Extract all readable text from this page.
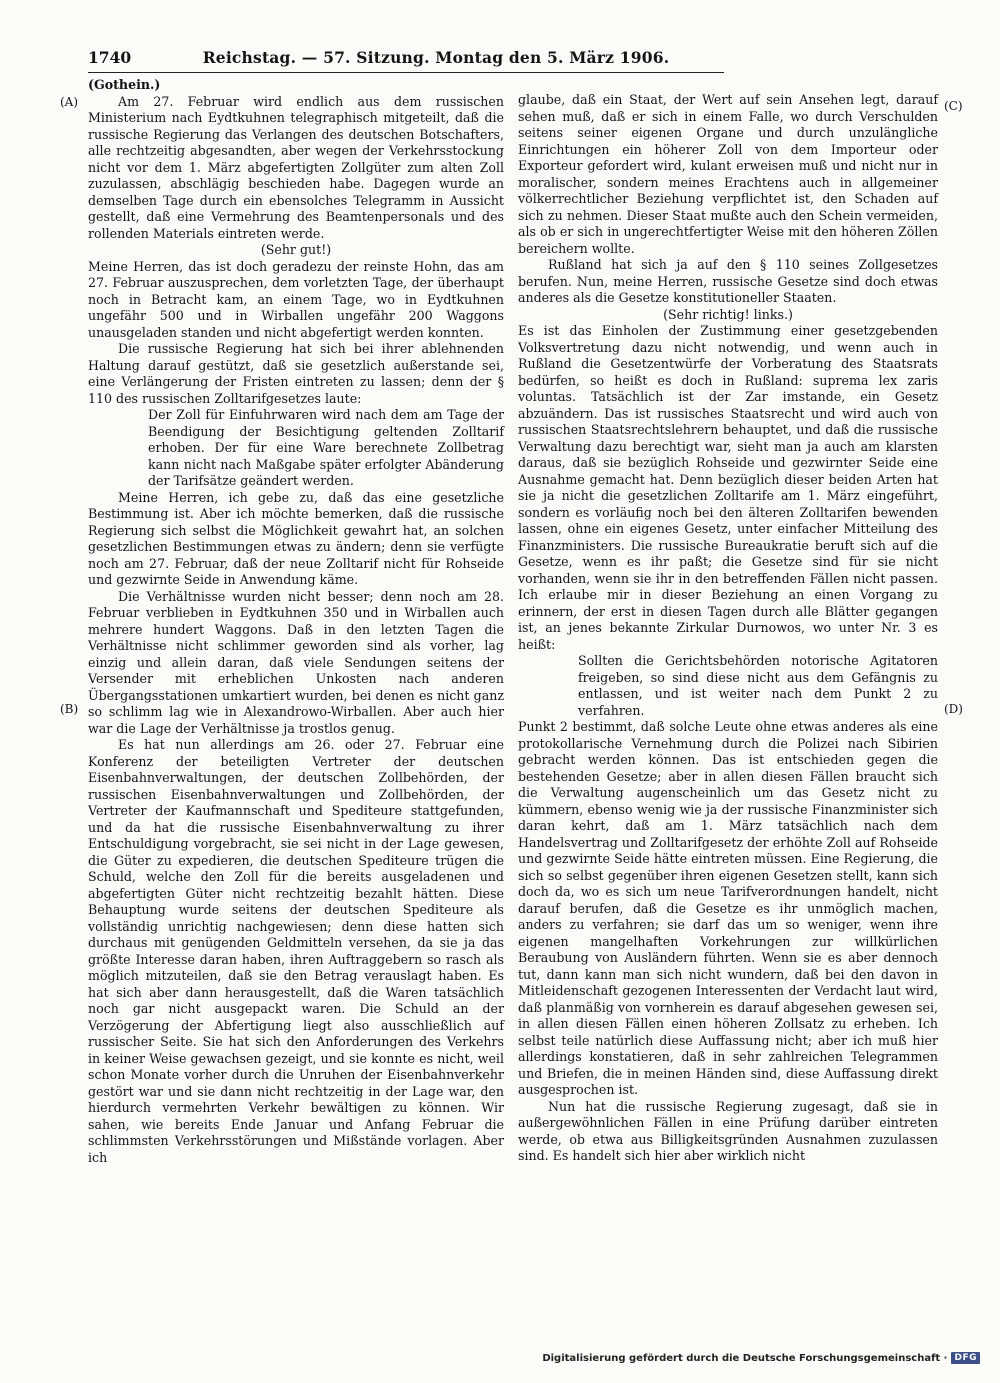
1740	Reichstag. — 57. Sitzung. Montag den 5. März 1906.
(A)
(B)
(C)
(D)

(Gothein.)

Am 27. Februar wird endlich aus dem russischen Ministerium nach Eydtkuhnen telegraphisch mitgeteilt, daß die russische Regierung das Verlangen des deutschen Botschafters, alle rechtzeitig abgesandten, aber wegen der Verkehrsstockung nicht vor dem 1. März abgefertigten Zollgüter zum alten Zoll zuzulassen, abschlägig beschieden habe. Dagegen wurde an demselben Tage durch ein ebensolches Telegramm in Aussicht gestellt, daß eine Vermehrung des Beamtenpersonals und des rollenden Materials eintreten werde.

(Sehr gut!)

Meine Herren, das ist doch geradezu der reinste Hohn, das am 27. Februar auszusprechen, dem vorletzten Tage, der überhaupt noch in Betracht kam, an einem Tage, wo in Eydtkuhnen ungefähr 500 und in Wirballen ungefähr 200 Waggons unausgeladen standen und nicht abgefertigt werden konnten.

Die russische Regierung hat sich bei ihrer ablehnenden Haltung darauf gestützt, daß sie gesetzlich außerstande sei, eine Verlängerung der Fristen eintreten zu lassen; denn der § 110 des russischen Zolltarifgesetzes laute:

Der Zoll für Einfuhrwaren wird nach dem am Tage der Beendigung der Besichtigung geltenden Zolltarif erhoben. Der für eine Ware berechnete Zollbetrag kann nicht nach Maßgabe später erfolgter Abänderung der Tarifsätze geändert werden.

Meine Herren, ich gebe zu, daß das eine gesetzliche Bestimmung ist. Aber ich möchte bemerken, daß die russische Regierung sich selbst die Möglichkeit gewahrt hat, an solchen gesetzlichen Bestimmungen etwas zu ändern; denn sie verfügte noch am 27. Februar, daß der neue Zolltarif nicht für Rohseide und gezwirnte Seide in Anwendung käme.

Die Verhältnisse wurden nicht besser; denn noch am 28. Februar verblieben in Eydtkuhnen 350 und in Wirballen auch mehrere hundert Waggons. Daß in den letzten Tagen die Verhältnisse nicht schlimmer geworden sind als vorher, lag einzig und allein daran, daß viele Sendungen seitens der Versender mit erheblichen Unkosten nach anderen Übergangsstationen umkartiert wurden, bei denen es nicht ganz so schlimm lag wie in Alexandrowo-Wirballen. Aber auch hier war die Lage der Verhältnisse ja trostlos genug.

Es hat nun allerdings am 26. oder 27. Februar eine Konferenz der beteiligten Vertreter der deutschen Eisenbahnverwaltungen, der deutschen Zollbehörden, der russischen Eisenbahnverwaltungen und Zollbehörden, der Vertreter der Kaufmannschaft und Spediteure stattgefunden, und da hat die russische Eisenbahnverwaltung zu ihrer Entschuldigung vorgebracht, sie sei nicht in der Lage gewesen, die Güter zu expedieren, die deutschen Spediteure trügen die Schuld, welche den Zoll für die bereits ausgeladenen und abgefertigten Güter nicht rechtzeitig bezahlt hätten. Diese Behauptung wurde seitens der deutschen Spediteure als vollständig unrichtig nachgewiesen; denn diese hatten sich durchaus mit genügenden Geldmitteln versehen, da sie ja das größte Interesse daran haben, ihren Auftraggebern so rasch als möglich mitzuteilen, daß sie den Betrag verauslagt haben. Es hat sich aber dann herausgestellt, daß die Waren tatsächlich noch gar nicht ausgepackt waren. Die Schuld an der Verzögerung der Abfertigung liegt also ausschließlich auf russischer Seite. Sie hat sich den Anforderungen des Verkehrs in keiner Weise gewachsen gezeigt, und sie konnte es nicht, weil schon Monate vorher durch die Unruhen der Eisenbahnverkehr gestört war und sie dann nicht rechtzeitig in der Lage war, den hierdurch vermehrten Verkehr bewältigen zu können. Wir sahen, wie bereits Ende Januar und Anfang Februar die schlimmsten Verkehrsstörungen und Mißstände vorlagen. Aber ich

glaube, daß ein Staat, der Wert auf sein Ansehen legt, darauf sehen muß, daß er sich in einem Falle, wo durch Verschulden seitens seiner eigenen Organe und durch unzulängliche Einrichtungen ein höherer Zoll von dem Importeur oder Exporteur gefordert wird, kulant erweisen muß und nicht nur in moralischer, sondern meines Erachtens auch in allgemeiner völkerrechtlicher Beziehung verpflichtet ist, den Schaden auf sich zu nehmen. Dieser Staat mußte auch den Schein vermeiden, als ob er sich in ungerechtfertigter Weise mit den höheren Zöllen bereichern wollte.

Rußland hat sich ja auf den § 110 seines Zollgesetzes berufen. Nun, meine Herren, russische Gesetze sind doch etwas anderes als die Gesetze konstitutioneller Staaten.

(Sehr richtig! links.)

Es ist das Einholen der Zustimmung einer gesetzgebenden Volksvertretung dazu nicht notwendig, und wenn auch in Rußland die Gesetzentwürfe der Vorberatung des Staatsrats bedürfen, so heißt es doch in Rußland: suprema lex zaris voluntas. Tatsächlich ist der Zar imstande, ein Gesetz abzuändern. Das ist russisches Staatsrecht und wird auch von russischen Staatsrechtslehrern behauptet, und daß die russische Verwaltung dazu berechtigt war, sieht man ja auch am klarsten daraus, daß sie bezüglich Rohseide und gezwirnter Seide eine Ausnahme gemacht hat. Denn bezüglich dieser beiden Arten hat sie ja nicht die gesetzlichen Zolltarife am 1. März eingeführt, sondern es vorläufig noch bei den älteren Zolltarifen bewenden lassen, ohne ein eigenes Gesetz, unter einfacher Mitteilung des Finanzministers. Die russische Bureaukratie beruft sich auf die Gesetze, wenn es ihr paßt; die Gesetze sind für sie nicht vorhanden, wenn sie ihr in den betreffenden Fällen nicht passen. Ich erlaube mir in dieser Beziehung an einen Vorgang zu erinnern, der erst in diesen Tagen durch alle Blätter gegangen ist, an jenes bekannte Zirkular Durnowos, wo unter Nr. 3 es heißt:

Sollten die Gerichtsbehörden notorische Agitatoren freigeben, so sind diese nicht aus dem Gefängnis zu entlassen, und ist weiter nach dem Punkt 2 zu verfahren.

Punkt 2 bestimmt, daß solche Leute ohne etwas anderes als eine protokollarische Vernehmung durch die Polizei nach Sibirien gebracht werden können. Das ist entschieden gegen die bestehenden Gesetze; aber in allen diesen Fällen braucht sich die Verwaltung augenscheinlich um das Gesetz nicht zu kümmern, ebenso wenig wie ja der russische Finanzminister sich daran kehrt, daß am 1. März tatsächlich nach dem Handelsvertrag und Zolltarifgesetz der erhöhte Zoll auf Rohseide und gezwirnte Seide hätte eintreten müssen. Eine Regierung, die sich so selbst gegenüber ihren eigenen Gesetzen stellt, kann sich doch da, wo es sich um neue Tarifverordnungen handelt, nicht darauf berufen, daß die Gesetze es ihr unmöglich machen, anders zu verfahren; sie darf das um so weniger, wenn ihre eigenen mangelhaften Vorkehrungen zur willkürlichen Beraubung von Ausländern führten. Wenn sie es aber dennoch tut, dann kann man sich nicht wundern, daß bei den davon in Mitleidenschaft gezogenen Interessenten der Verdacht laut wird, daß planmäßig von vornherein es darauf abgesehen gewesen sei, in allen diesen Fällen einen höheren Zollsatz zu erheben. Ich selbst teile natürlich diese Auffassung nicht; aber ich muß hier allerdings konstatieren, daß in sehr zahlreichen Telegrammen und Briefen, die in meinen Händen sind, diese Auffassung direkt ausgesprochen ist.

Nun hat die russische Regierung zugesagt, daß sie in außergewöhnlichen Fällen in eine Prüfung darüber eintreten werde, ob etwa aus Billigkeitsgründen Ausnahmen zuzulassen sind. Es handelt sich hier aber wirklich nicht

Digitalisierung gefördert durch die Deutsche Forschungsgemeinschaft · DFG
